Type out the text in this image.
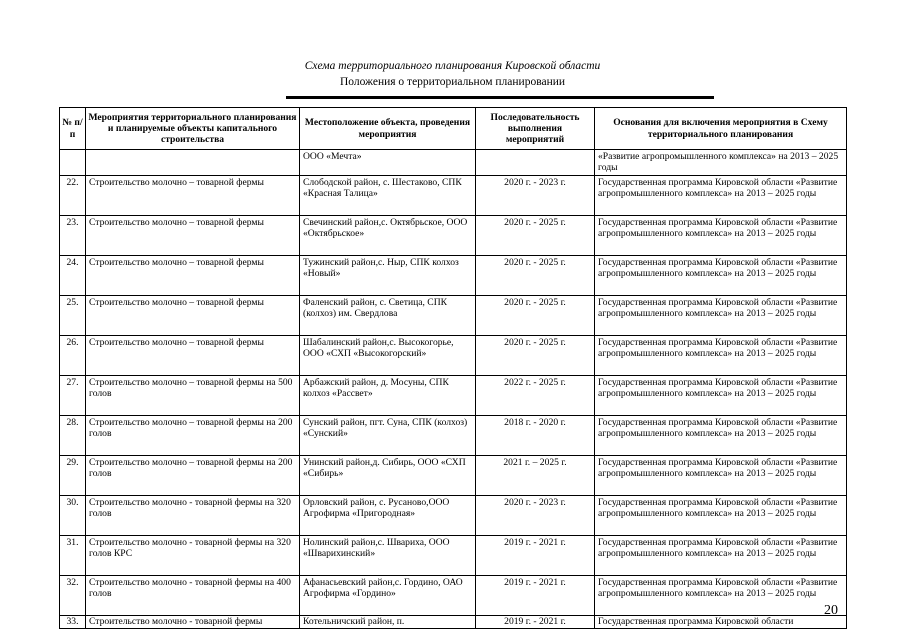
Схема территориального планирования Кировской области
Положения о территориальном планировании
№ п/п	Мероприятия территориального планирования и планируемые объекты капитального строительства	Местоположение объекта, проведения мероприятия	Последовательность выполнения мероприятий	Основания для включения мероприятия в Схему территориального планирования
		ООО «Мечта»		«Развитие агропромышленного комплекса» на 2013 – 2025 годы
22.	Строительство молочно – товарной фермы	Слободской район, с. Шестаково, СПК «Красная Талица»	2020 г. - 2023 г.	Государственная программа Кировской области «Развитие агропромышленного комплекса» на 2013 – 2025 годы
23.	Строительство молочно – товарной фермы	Свечинский район,с. Октябрьское, ООО «Октябрьское»	2020 г. - 2025 г.	Государственная программа Кировской области «Развитие агропромышленного комплекса» на 2013 – 2025 годы
24.	Строительство молочно – товарной фермы	Тужинский район,с. Ныр, СПК колхоз «Новый»	2020 г. - 2025 г.	Государственная программа Кировской области «Развитие агропромышленного комплекса» на 2013 – 2025 годы
25.	Строительство молочно – товарной фермы	Фаленский район, с. Светица, СПК (колхоз) им. Свердлова	2020 г. - 2025 г.	Государственная программа Кировской области «Развитие агропромышленного комплекса» на 2013 – 2025 годы
26.	Строительство молочно – товарной фермы	Шабалинский район,с. Высокогорье, ООО «СХП «Высокогорский»	2020 г. - 2025 г.	Государственная программа Кировской области «Развитие агропромышленного комплекса» на 2013 – 2025 годы
27.	Строительство молочно – товарной фермы на 500 голов	Арбажский район, д. Мосуны, СПК колхоз «Рассвет»	2022 г. - 2025 г.	Государственная программа Кировской области «Развитие агропромышленного комплекса» на 2013 – 2025 годы
28.	Строительство молочно – товарной фермы на 200 голов	Сунский район, пгт. Суна, СПК (колхоз) «Сунский»	2018 г. - 2020 г.	Государственная программа Кировской области «Развитие агропромышленного комплекса» на 2013 – 2025 годы
29.	Строительство молочно – товарной фермы на 200 голов	Унинский район,д. Сибирь, ООО «СХП «Сибирь»	2021 г. – 2025 г.	Государственная программа Кировской области «Развитие агропромышленного комплекса» на 2013 – 2025 годы
30.	Строительство молочно - товарной фермы на 320 голов	Орловский район, с. Русаново,ООО Агрофирма «Пригородная»	2020 г. - 2023 г.	Государственная программа Кировской области «Развитие агропромышленного комплекса» на 2013 – 2025 годы
31.	Строительство молочно - товарной фермы на 320 голов КРС	Нолинский район,с. Швариха, ООО «Шварихинский»	2019 г. - 2021 г.	Государственная программа Кировской области «Развитие агропромышленного комплекса» на 2013 – 2025 годы
32.	Строительство молочно - товарной фермы на 400 голов	Афанасьевский район,с. Гордино, ОАО Агрофирма «Гордино»	2019 г. - 2021 г.	Государственная программа Кировской области «Развитие агропромышленного комплекса» на 2013 – 2025 годы
33.	Строительство молочно - товарной фермы	Котельничский район, п.	2019 г. - 2021 г.	Государственная программа Кировской области
20
